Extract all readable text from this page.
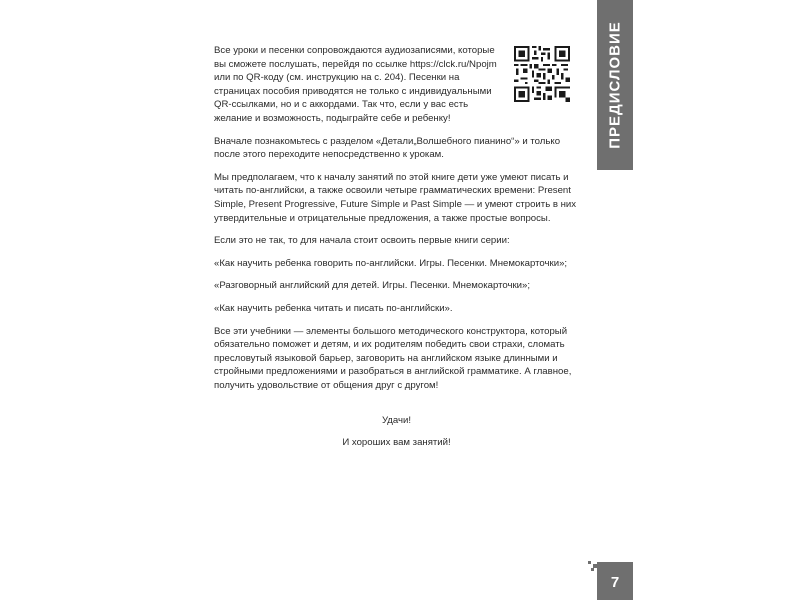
ПРЕДИСЛОВИЕ

Все уроки и песенки сопровождаются аудиозаписями, которые вы сможете послушать, перейдя по ссылке https://clck.ru/Npojm или по QR-коду (см. инструкцию на с. 204). Песенки на страницах пособия приводятся не только с индивидуальными QR-ссылками, но и с аккордами. Так что, если у вас есть желание и возможность, подыграйте себе и ребенку!

Вначале познакомьтесь с разделом «Детали„Волшебного пианино“» и только после этого переходите непосредственно к урокам.

Мы предполагаем, что к началу занятий по этой книге дети уже умеют писать и читать по-английски, а также освоили четыре грамматических времени: Present Simple, Present Progressive, Future Simple и Past Simple — и умеют строить в них утвердительные и отрицательные предложения, а также простые вопросы.

Если это не так, то для начала стоит освоить первые книги серии:

«Как научить ребенка говорить по-английски. Игры. Песенки. Мнемокарточки»;

«Разговорный английский для детей. Игры. Песенки. Мнемокарточки»;

«Как научить ребенка читать и писать по-английски».

Все эти учебники — элементы большого методического конструктора, который обязательно поможет и детям, и их родителям победить свои страхи, сломать пресловутый языковой барьер, заговорить на английском языке длинными и стройными предложениями и разобраться в английской грамматике. А главное, получить удовольствие от общения друг с другом!

Удачи!

И хороших вам занятий!

7
